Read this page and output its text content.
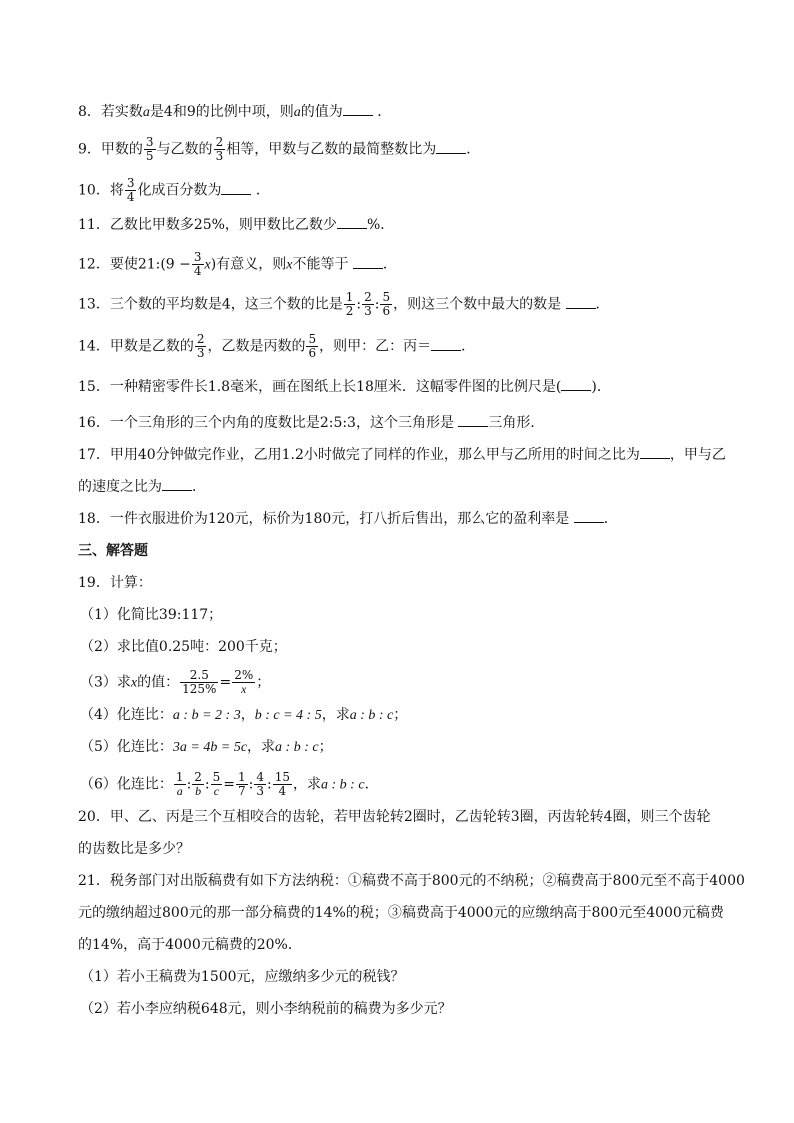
8．若实数a是4和9的比例中项，则a的值为 ．
9．甲数的 $\frac{3}{5}$ 与乙数的 $\frac{2}{3}$ 相等，甲数与乙数的最简整数比为 ．
10．将 $\frac{3}{4}$ 化成百分数为 ．
11．乙数比甲数多25%，则甲数比乙数少 %．
12．要使21:(9 − $\frac{3}{4} x$)有意义，则x不能等于 ．
13．三个数的平均数是4，这三个数的比是 $\frac{1}{2}$ : $\frac{2}{3}$ : $\frac{5}{6}$ ，则这三个数中最大的数是 ．
14．甲数是乙数的 $\frac{2}{3}$ ，乙数是丙数的 $\frac{5}{6}$ ，则甲：乙：丙＝ ．
15．一种精密零件长1.8毫米，画在图纸上长18厘米．这幅零件图的比例尺是( )．
16．一个三角形的三个内角的度数比是2:5:3，这个三角形是 三角形．
17．甲用40分钟做完作业，乙用1.2小时做完了同样的作业，那么甲与乙所用的时间之比为 ，甲与乙
的速度之比为 ．
18．一件衣服进价为120元，标价为180元，打八折后售出，那么它的盈利率是 ．
三、解答题
19．计算：
（1）化简比39:117；
（2）求比值0.25吨：200千克；
（3）求x的值： $\frac{2.5}{125\%} = \frac{2\%}{x}$ ；
（4）化连比：a : b = 2 : 3，b : c = 4 : 5，求a : b : c；
（5）化连比：3a = 4b = 5c，求a : b : c；
（6）化连比： $\frac{1}{a}$ : $\frac{2}{b}$ : $\frac{5}{c} = \frac{1}{7}$ : $\frac{4}{3}$ : $\frac{15}{4}$ ，求a : b : c．
20．甲、乙、丙是三个互相咬合的齿轮，若甲齿轮转2圈时，乙齿轮转3圈，丙齿轮转4圈，则三个齿轮
的齿数比是多少？
21．税务部门对出版稿费有如下方法纳税：①稿费不高于800元的不纳税；②稿费高于800元至不高于4000
元的缴纳超过800元的那一部分稿费的14%的税；③稿费高于4000元的应缴纳高于800元至4000元稿费
的14%，高于4000元稿费的20%．
（1）若小王稿费为1500元，应缴纳多少元的税钱？
（2）若小李应纳税648元，则小李纳税前的稿费为多少元？
